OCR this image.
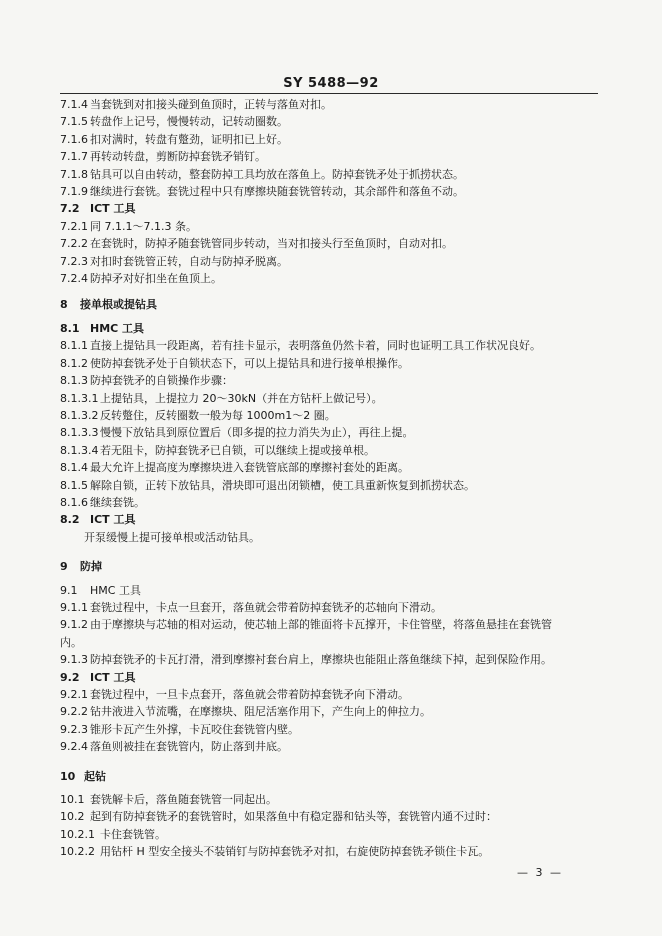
SY 5488—92
7.1.4 当套铣到对扣接头碰到鱼顶时，正转与落鱼对扣。
7.1.5 转盘作上记号，慢慢转动，记转动圈数。
7.1.6 扣对满时，转盘有蹩劲，证明扣已上好。
7.1.7 再转动转盘，剪断防掉套铣矛销钉。
7.1.8 钻具可以自由转动，整套防掉工具均放在落鱼上。防掉套铣矛处于抓捞状态。
7.1.9 继续进行套铣。套铣过程中只有摩擦块随套铣管转动，其余部件和落鱼不动。
7.2 ICT 工具
7.2.1 同 7.1.1～7.1.3 条。
7.2.2 在套铣时，防掉矛随套铣管同步转动，当对扣接头行至鱼顶时，自动对扣。
7.2.3 对扣时套铣管正转，自动与防掉矛脱离。
7.2.4 防掉矛对好扣坐在鱼顶上。
8	接单根或提钻具
8.1 HMC 工具
8.1.1 直接上提钻具一段距离，若有挂卡显示，表明落鱼仍然卡着，同时也证明工具工作状况良好。
8.1.2 使防掉套铣矛处于自锁状态下，可以上提钻具和进行接单根操作。
8.1.3 防掉套铣矛的自锁操作步骤：
8.1.3.1 上提钻具，上提拉力 20～30kN（并在方钻杆上做记号）。
8.1.3.2 反转蹩住，反转圈数一般为每 1000m1～2 圈。
8.1.3.3 慢慢下放钻具到原位置后（即多提的拉力消失为止），再往上提。
8.1.3.4 若无阻卡，防掉套铣矛已自锁，可以继续上提或接单根。
8.1.4 最大允许上提高度为摩擦块进入套铣管底部的摩擦衬套处的距离。
8.1.5 解除自锁，正转下放钻具，滑块即可退出闭锁槽，使工具重新恢复到抓捞状态。
8.1.6 继续套铣。
8.2 ICT 工具
开泵缓慢上提可接单根或活动钻具。
9	防掉
9.1	HMC 工具
9.1.1 套铣过程中，卡点一旦套开，落鱼就会带着防掉套铣矛的芯轴向下滑动。
9.1.2 由于摩擦块与芯轴的相对运动，使芯轴上部的锥面将卡瓦撑开，卡住管壁，将落鱼悬挂在套铣管
内。
9.1.3 防掉套铣矛的卡瓦打滑，滑到摩擦衬套台肩上，摩擦块也能阻止落鱼继续下掉，起到保险作用。
9.2 ICT 工具
9.2.1 套铣过程中，一旦卡点套开，落鱼就会带着防掉套铣矛向下滑动。
9.2.2 钻井液进入节流嘴，在摩擦块、阻尼活塞作用下，产生向上的伸拉力。
9.2.3 锥形卡瓦产生外撑，卡瓦咬住套铣管内壁。
9.2.4 落鱼则被挂在套铣管内，防止落到井底。
10 起钻
10.1 套铣解卡后，落鱼随套铣管一同起出。
10.2 起到有防掉套铣矛的套铣管时，如果落鱼中有稳定器和钻头等，套铣管内通不过时：
10.2.1 卡住套铣管。
10.2.2 用钻杆 H 型安全接头不装销钉与防掉套铣矛对扣，右旋使防掉套铣矛锁住卡瓦。
— 3 —
